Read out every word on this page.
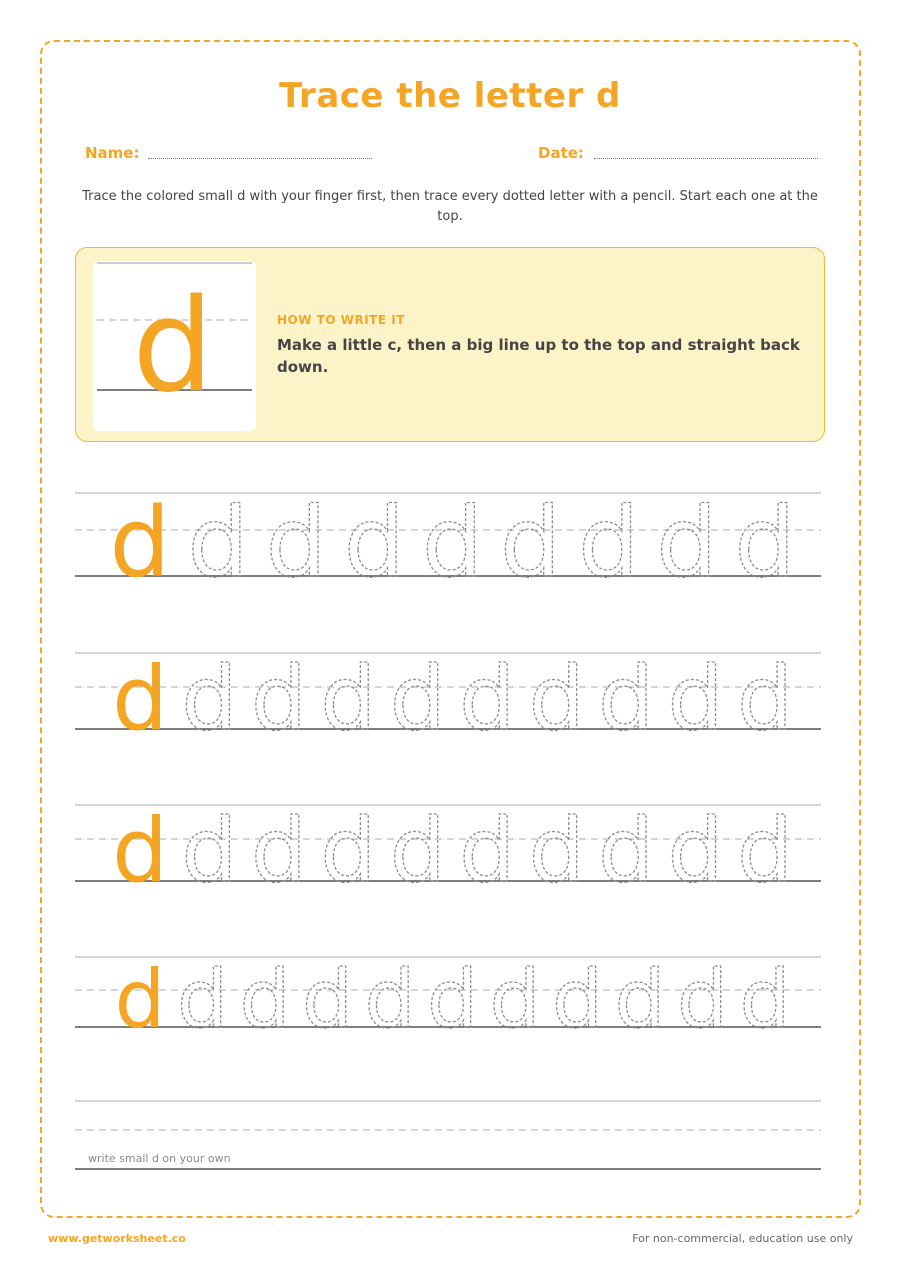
Trace the letter d
Name:	Date:

Trace the colored small d with your finger first, then trace every dotted letter with a pencil. Start each one at the top.

d	HOW TO WRITE IT
Make a little c, then a big line up to the top and straight back down.
d d d d d d d d d
d d d d d d d d d d
d d d d d d d d d d
d d d d d d d d d d d
write small d on your own
www.getworksheet.co	For non-commercial, education use only
